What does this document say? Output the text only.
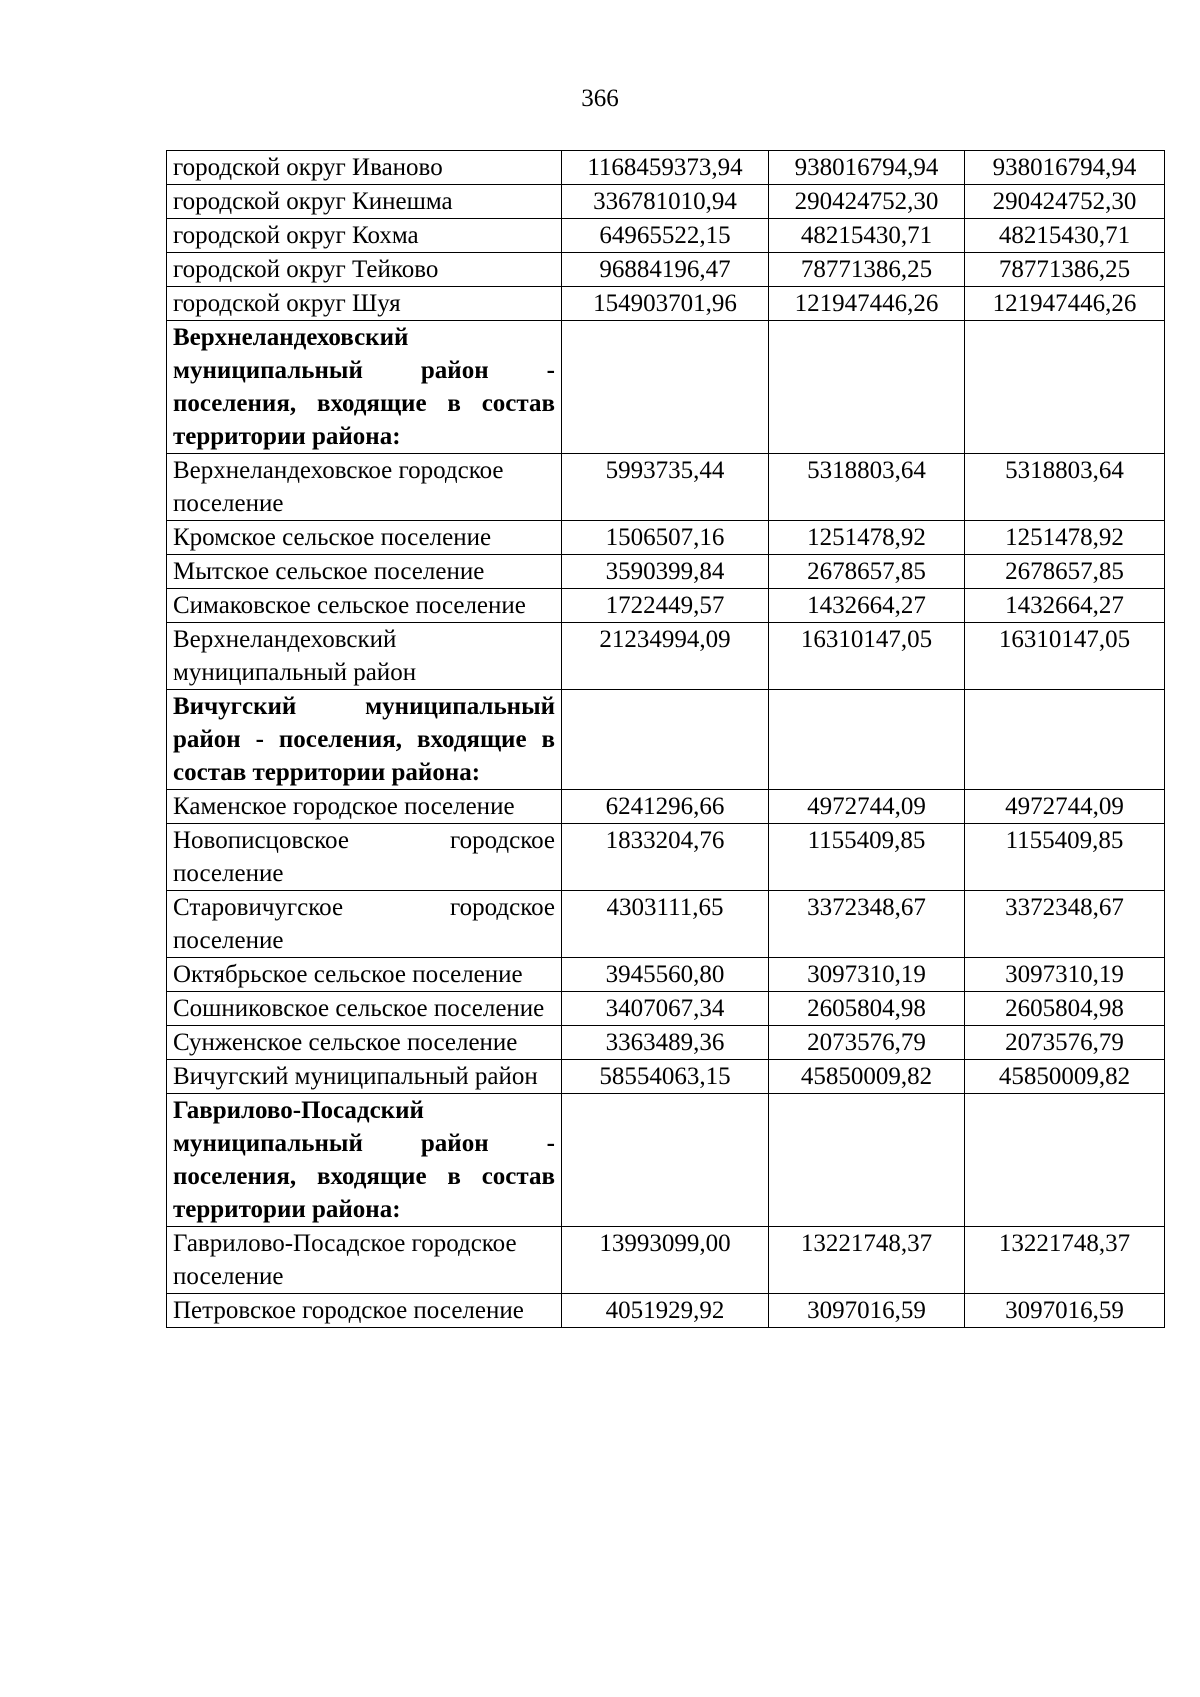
366
городской округ Иваново	1168459373,94	938016794,94	938016794,94
городской округ Кинешма	336781010,94	290424752,30	290424752,30
городской округ Кохма	64965522,15	48215430,71	48215430,71
городской округ Тейково	96884196,47	78771386,25	78771386,25
городской округ Шуя	154903701,96	121947446,26	121947446,26
Верхнеландеховский муниципальный район - поселения, входящие в состав территории района:			
Верхнеландеховское городское поселение	5993735,44	5318803,64	5318803,64
Кромское сельское поселение	1506507,16	1251478,92	1251478,92
Мытское сельское поселение	3590399,84	2678657,85	2678657,85
Симаковское сельское поселение	1722449,57	1432664,27	1432664,27
Верхнеландеховский муниципальный район	21234994,09	16310147,05	16310147,05
Вичугский муниципальный район - поселения, входящие в состав территории района:			
Каменское городское поселение	6241296,66	4972744,09	4972744,09
Новописцовское городское поселение	1833204,76	1155409,85	1155409,85
Старовичугское городское поселение	4303111,65	3372348,67	3372348,67
Октябрьское сельское поселение	3945560,80	3097310,19	3097310,19
Сошниковское сельское поселение	3407067,34	2605804,98	2605804,98
Сунженское сельское поселение	3363489,36	2073576,79	2073576,79
Вичугский муниципальный район	58554063,15	45850009,82	45850009,82
Гаврилово-Посадский муниципальный район - поселения, входящие в состав территории района:			
Гаврилово-Посадское городское поселение	13993099,00	13221748,37	13221748,37
Петровское городское поселение	4051929,92	3097016,59	3097016,59
